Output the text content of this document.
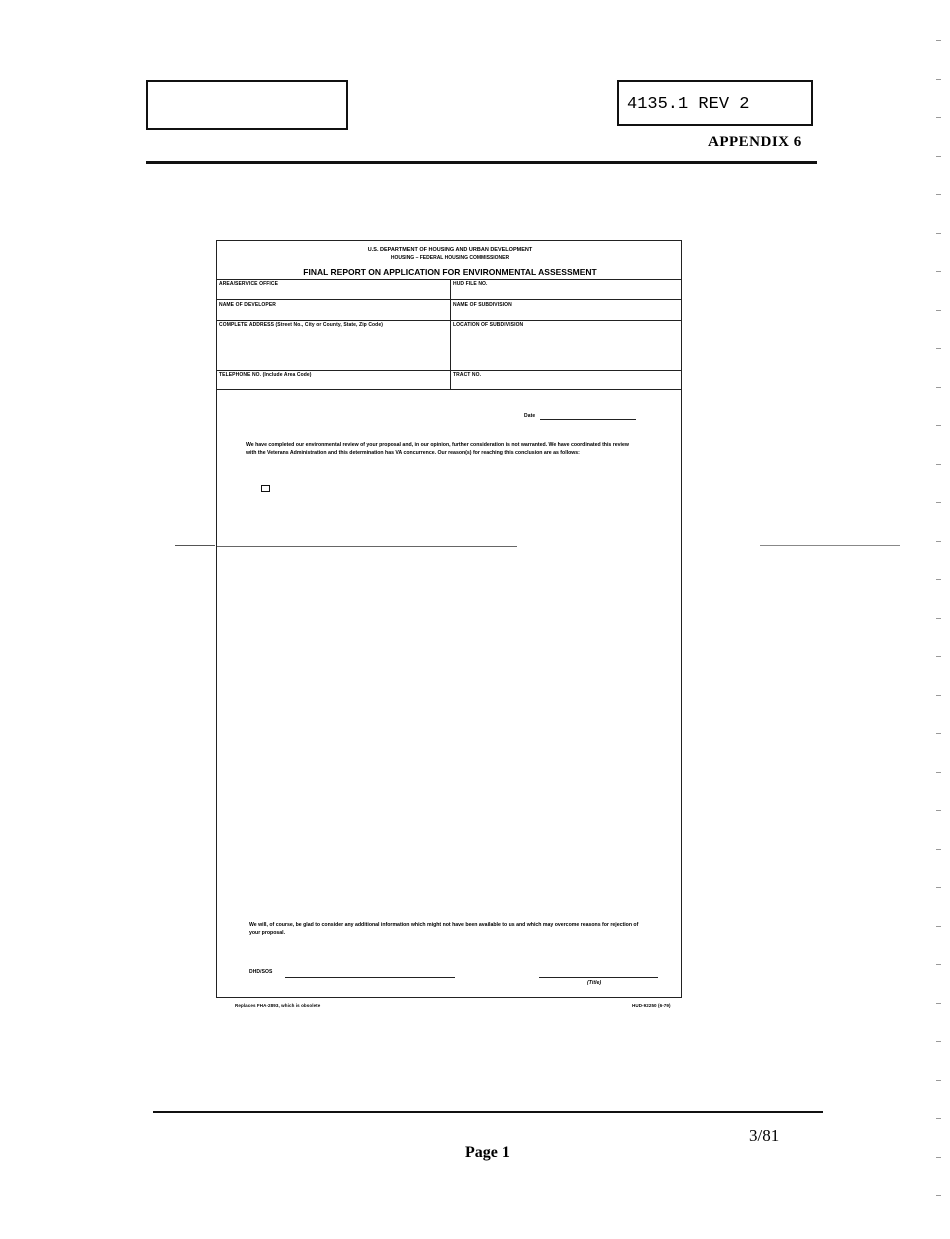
4135.1 REV 2
APPENDIX 6
U.S. DEPARTMENT OF HOUSING AND URBAN DEVELOPMENT
HOUSING – FEDERAL HOUSING COMMISSIONER
FINAL REPORT ON APPLICATION FOR ENVIRONMENTAL ASSESSMENT
AREA/SERVICE OFFICE	HUD FILE NO.
NAME OF DEVELOPER	NAME OF SUBDIVISION
COMPLETE ADDRESS (Street No., City or County, State, Zip Code)	LOCATION OF SUBDIVISION
TELEPHONE NO. (Include Area Code)	TRACT NO.
Date
We have completed our environmental review of your proposal and, in our opinion, further consideration is not warranted. We have coordinated this review with the Veterans Administration and this determination has VA concurrence. Our reason(s) for reaching this conclusion are as follows:
We will, of course, be glad to consider any additional information which might not have been available to us and which may overcome reasons for rejection of your proposal.
DHD/SOS
(Title)
Replaces FHA-2893, which is obsolete	HUD-92250 (6-79)
Page 1
3/81
